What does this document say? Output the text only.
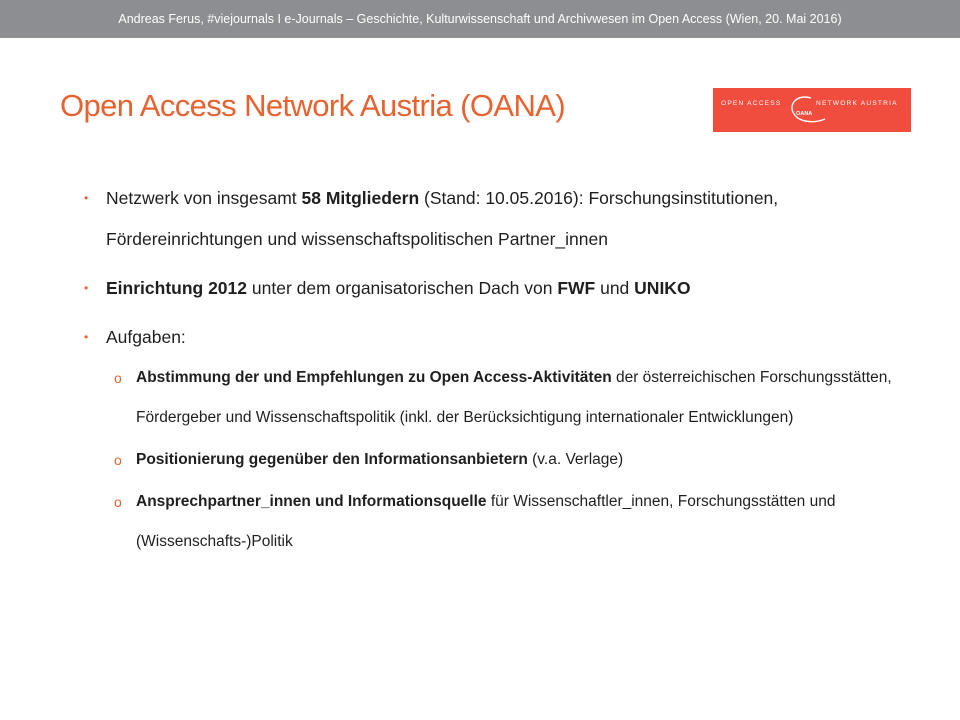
Andreas Ferus, #viejournals I e-Journals – Geschichte, Kulturwissenschaft und Archivwesen im Open Access (Wien, 20. Mai 2016)
Open Access Network Austria (OANA)	OPEN ACCESS	NETWORK AUSTRIA
OANA
• Netzwerk von insgesamt 58 Mitgliedern (Stand: 10.05.2016): Forschungsinstitutionen, Fördereinrichtungen und wissenschaftspolitischen Partner_innen
• Einrichtung 2012 unter dem organisatorischen Dach von FWF und UNIKO
• Aufgaben:
o Abstimmung der und Empfehlungen zu Open Access-Aktivitäten der österreichischen Forschungsstätten, Fördergeber und Wissenschaftspolitik (inkl. der Berücksichtigung internationaler Entwicklungen)
o Positionierung gegenüber den Informationsanbietern (v.a. Verlage)
o Ansprechpartner_innen und Informationsquelle für Wissenschaftler_innen, Forschungsstätten und (Wissenschafts-)Politik
